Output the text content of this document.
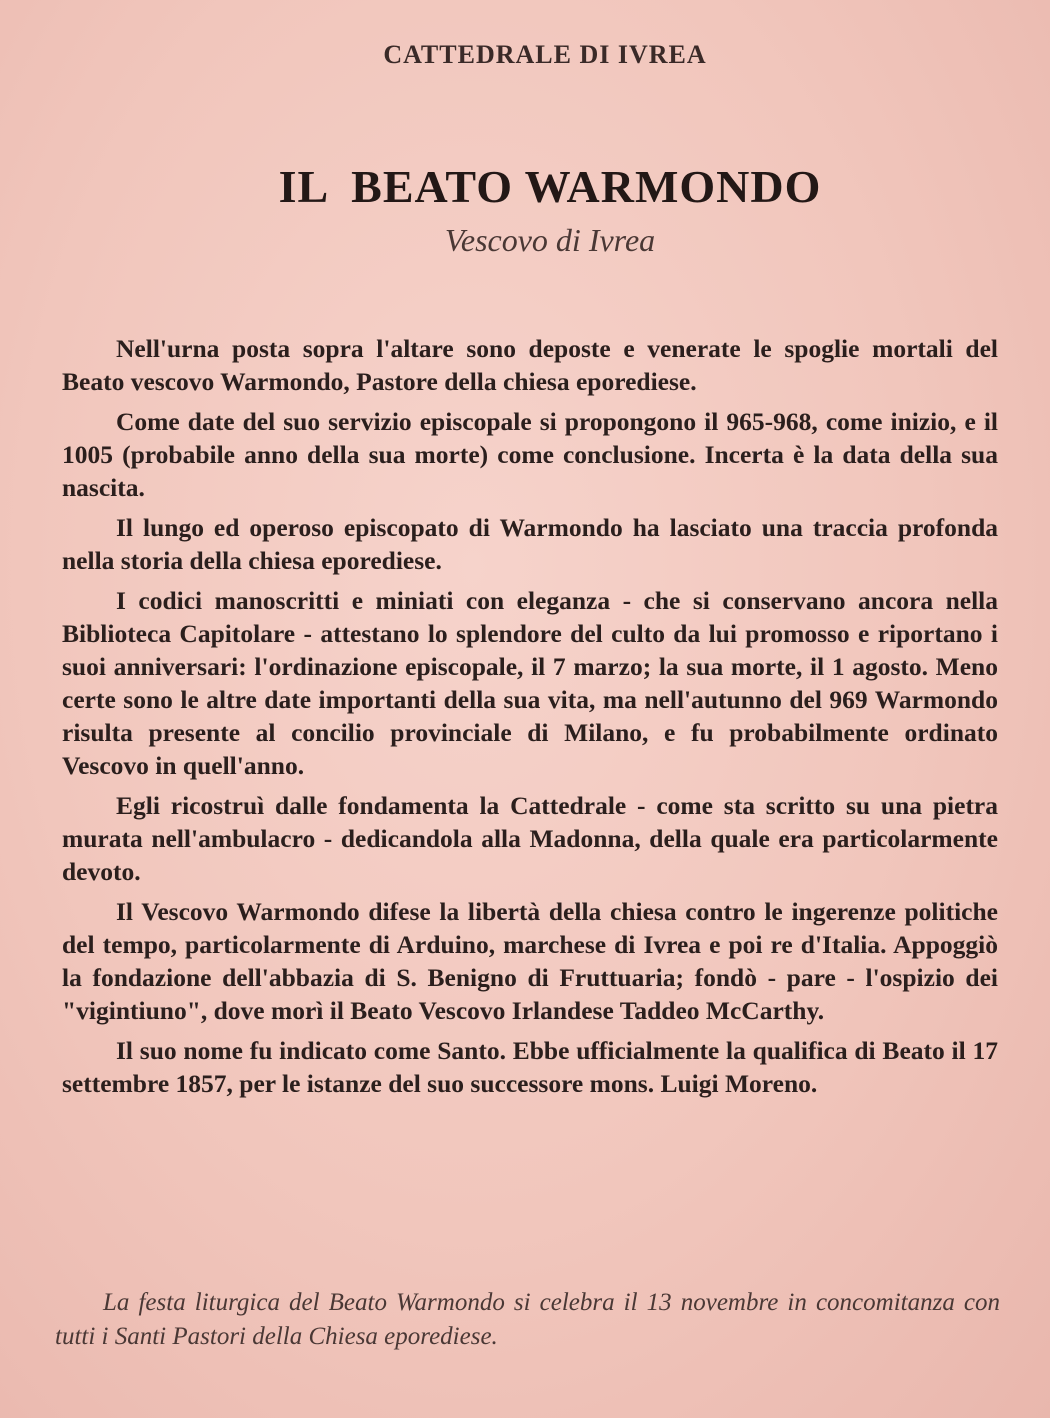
CATTEDRALE DI IVREA
IL BEATO WARMONDO
Vescovo di Ivrea

Nell'urna posta sopra l'altare sono deposte e venerate le spoglie mortali del Beato vescovo Warmondo, Pastore della chiesa eporediese.

Come date del suo servizio episcopale si propongono il 965-968, come inizio, e il 1005 (probabile anno della sua morte) come conclusione. Incerta è la data della sua nascita.

Il lungo ed operoso episcopato di Warmondo ha lasciato una traccia profonda nella storia della chiesa eporediese.

I codici manoscritti e miniati con eleganza - che si conservano ancora nella Biblioteca Capitolare - attestano lo splendore del culto da lui promosso e riportano i suoi anniversari: l'ordinazione episcopale, il 7 marzo; la sua morte, il 1 agosto. Meno certe sono le altre date importanti della sua vita, ma nell'autunno del 969 Warmondo risulta presente al concilio provinciale di Milano, e fu probabilmente ordinato Vescovo in quell'anno.

Egli ricostruì dalle fondamenta la Cattedrale - come sta scritto su una pietra murata nell'ambulacro - dedicandola alla Madonna, della quale era particolarmente devoto.

Il Vescovo Warmondo difese la libertà della chiesa contro le ingerenze politiche del tempo, particolarmente di Arduino, marchese di Ivrea e poi re d'Italia. Appoggiò la fondazione dell'abbazia di S. Benigno di Fruttuaria; fondò - pare - l'ospizio dei "vigintiuno", dove morì il Beato Vescovo Irlandese Taddeo McCarthy.

Il suo nome fu indicato come Santo. Ebbe ufficialmente la qualifica di Beato il 17 settembre 1857, per le istanze del suo successore mons. Luigi Moreno.

La festa liturgica del Beato Warmondo si celebra il 13 novembre in concomitanza con tutti i Santi Pastori della Chiesa eporediese.
